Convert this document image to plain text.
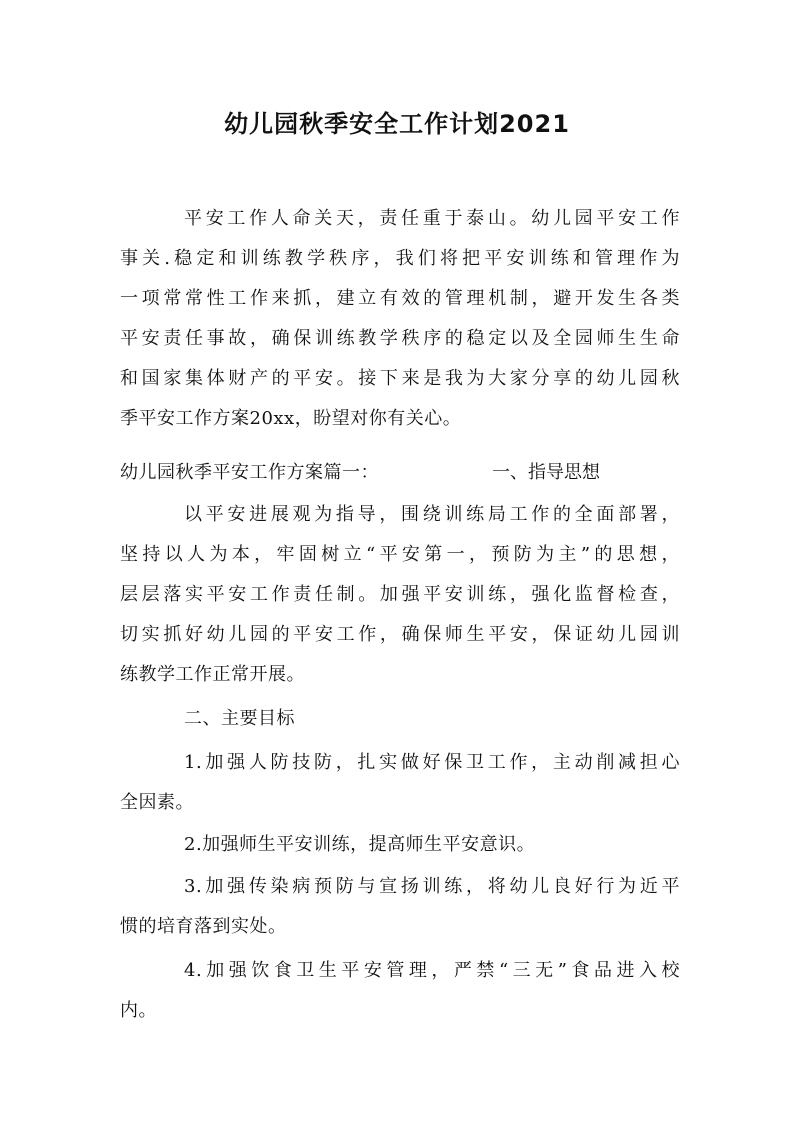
幼儿园秋季安全工作计划2021
平安工作人命关天，责任重于泰山。幼儿园平安工作
事关.稳定和训练教学秩序，我们将把平安训练和管理作为
一项常常性工作来抓，建立有效的管理机制，避开发生各类
平安责任事故，确保训练教学秩序的稳定以及全园师生生命
和国家集体财产的平安。接下来是我为大家分享的幼儿园秋
季平安工作方案20xx，盼望对你有关心。
幼儿园秋季平安工作方案篇一：	一、指导思想
以平安进展观为指导，围绕训练局工作的全面部署，
坚持以人为本，牢固树立“平安第一，预防为主”的思想，
层层落实平安工作责任制。加强平安训练，强化监督检查，
切实抓好幼儿园的平安工作，确保师生平安，保证幼儿园训
练教学工作正常开展。
二、主要目标
1.加强人防技防，扎实做好保卫工作，主动削减担心
全因素。
2.加强师生平安训练，提高师生平安意识。
3.加强传染病预防与宣扬训练，将幼儿良好行为近平
惯的培育落到实处。
4.加强饮食卫生平安管理，严禁“三无”食品进入校
内。
